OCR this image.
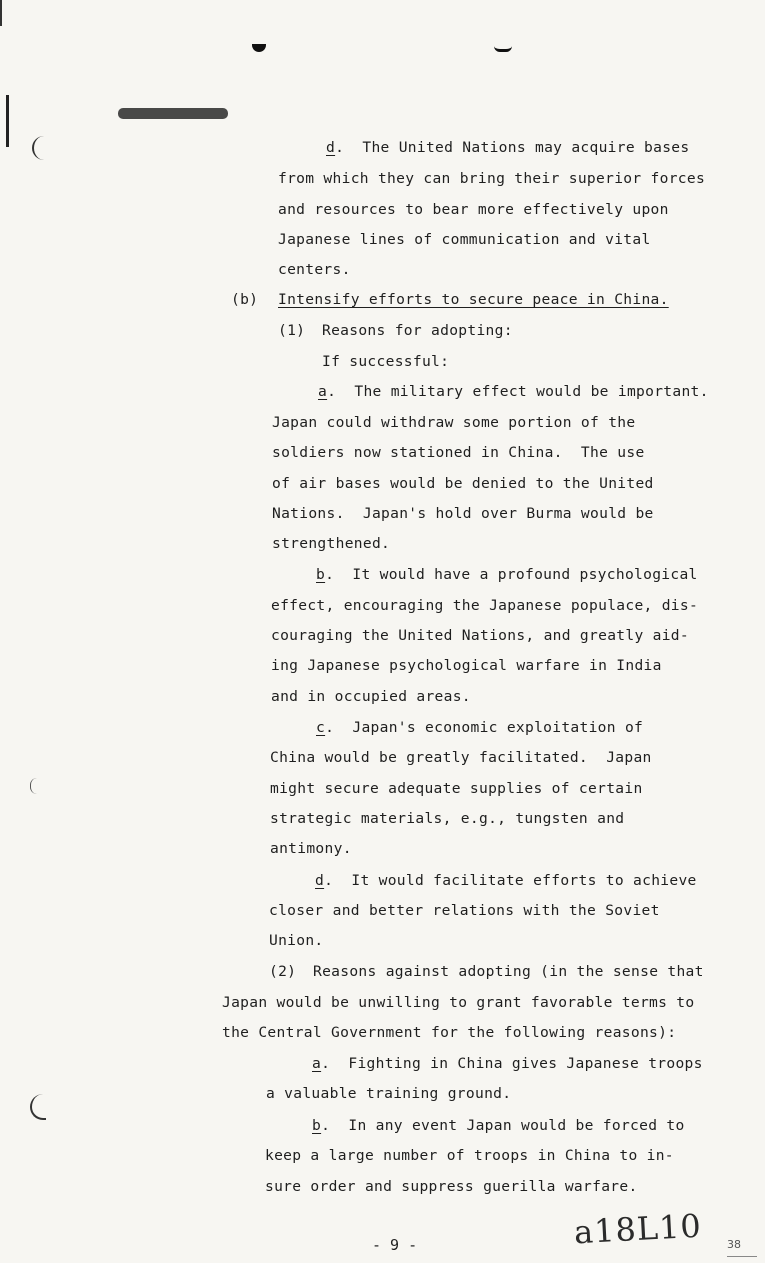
d.  The United Nations may acquire bases
from which they can bring their superior forces
and resources to bear more effectively upon
Japanese lines of communication and vital
centers.
(b) Intensify efforts to secure peace in China.
(1) Reasons for adopting:
If successful:
a.  The military effect would be important.
Japan could withdraw some portion of the
soldiers now stationed in China.  The use
of air bases would be denied to the United
Nations.  Japan's hold over Burma would be
strengthened.
b.  It would have a profound psychological
effect, encouraging the Japanese populace, dis-
couraging the United Nations, and greatly aid-
ing Japanese psychological warfare in India
and in occupied areas.
c.  Japan's economic exploitation of
China would be greatly facilitated.  Japan
might secure adequate supplies of certain
strategic materials, e.g., tungsten and
antimony.
d.  It would facilitate efforts to achieve
closer and better relations with the Soviet
Union.
(2) Reasons against adopting (in the sense that
Japan would be unwilling to grant favorable terms to
the Central Government for the following reasons):
a.  Fighting in China gives Japanese troops
a valuable training ground.
b.  In any event Japan would be forced to
keep a large number of troops in China to in-
sure order and suppress guerilla warfare.
- 9 -	a18L10 38
